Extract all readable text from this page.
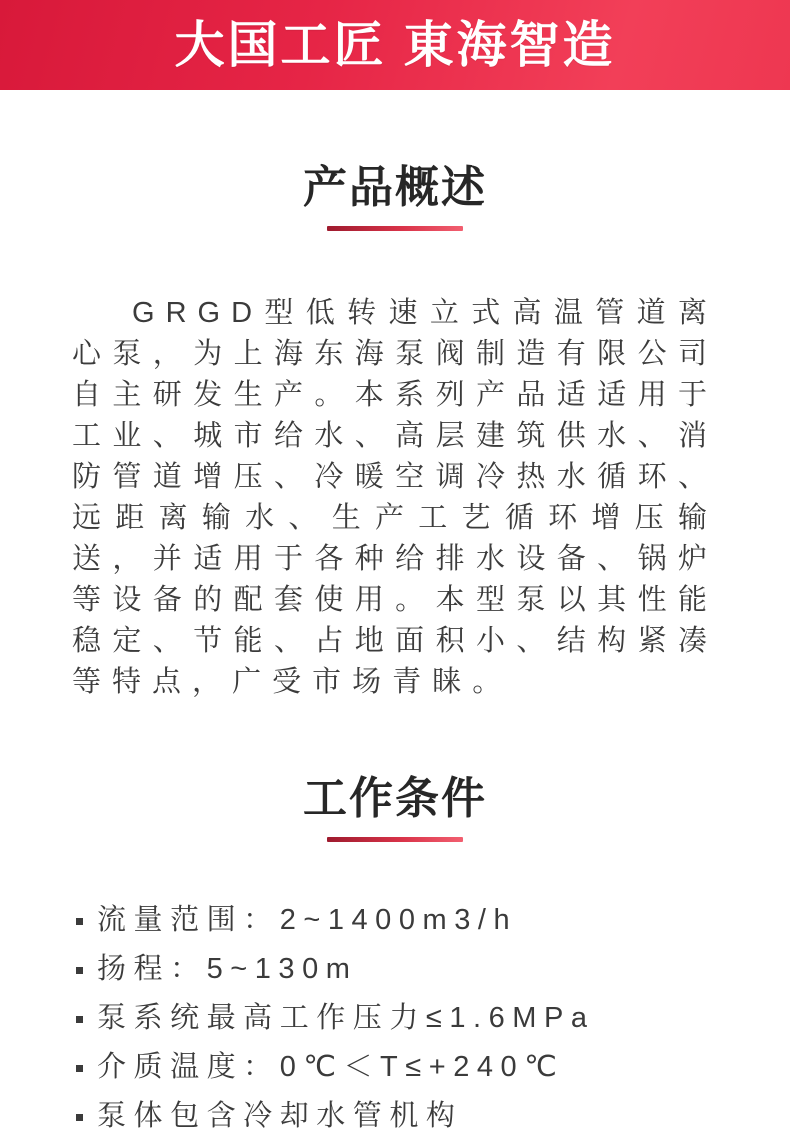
大国工匠 東海智造
产品概述

GRGD型低转速立式高温管道离心泵，为上海东海泵阀制造有限公司自主研发生产。本系列产品适适用于工业、城市给水、高层建筑供水、消防管道增压、冷暖空调冷热水循环、远距离输水、生产工艺循环增压输送，并适用于各种给排水设备、锅炉等设备的配套使用。本型泵以其性能稳定、节能、占地面积小、结构紧凑等特点，广受市场青睐。

工作条件
流量范围：2~1400m3/h
扬程：5~130m
泵系统最高工作压力≤1.6MPa
介质温度：0℃＜T≤+240℃
泵体包含冷却水管机构
